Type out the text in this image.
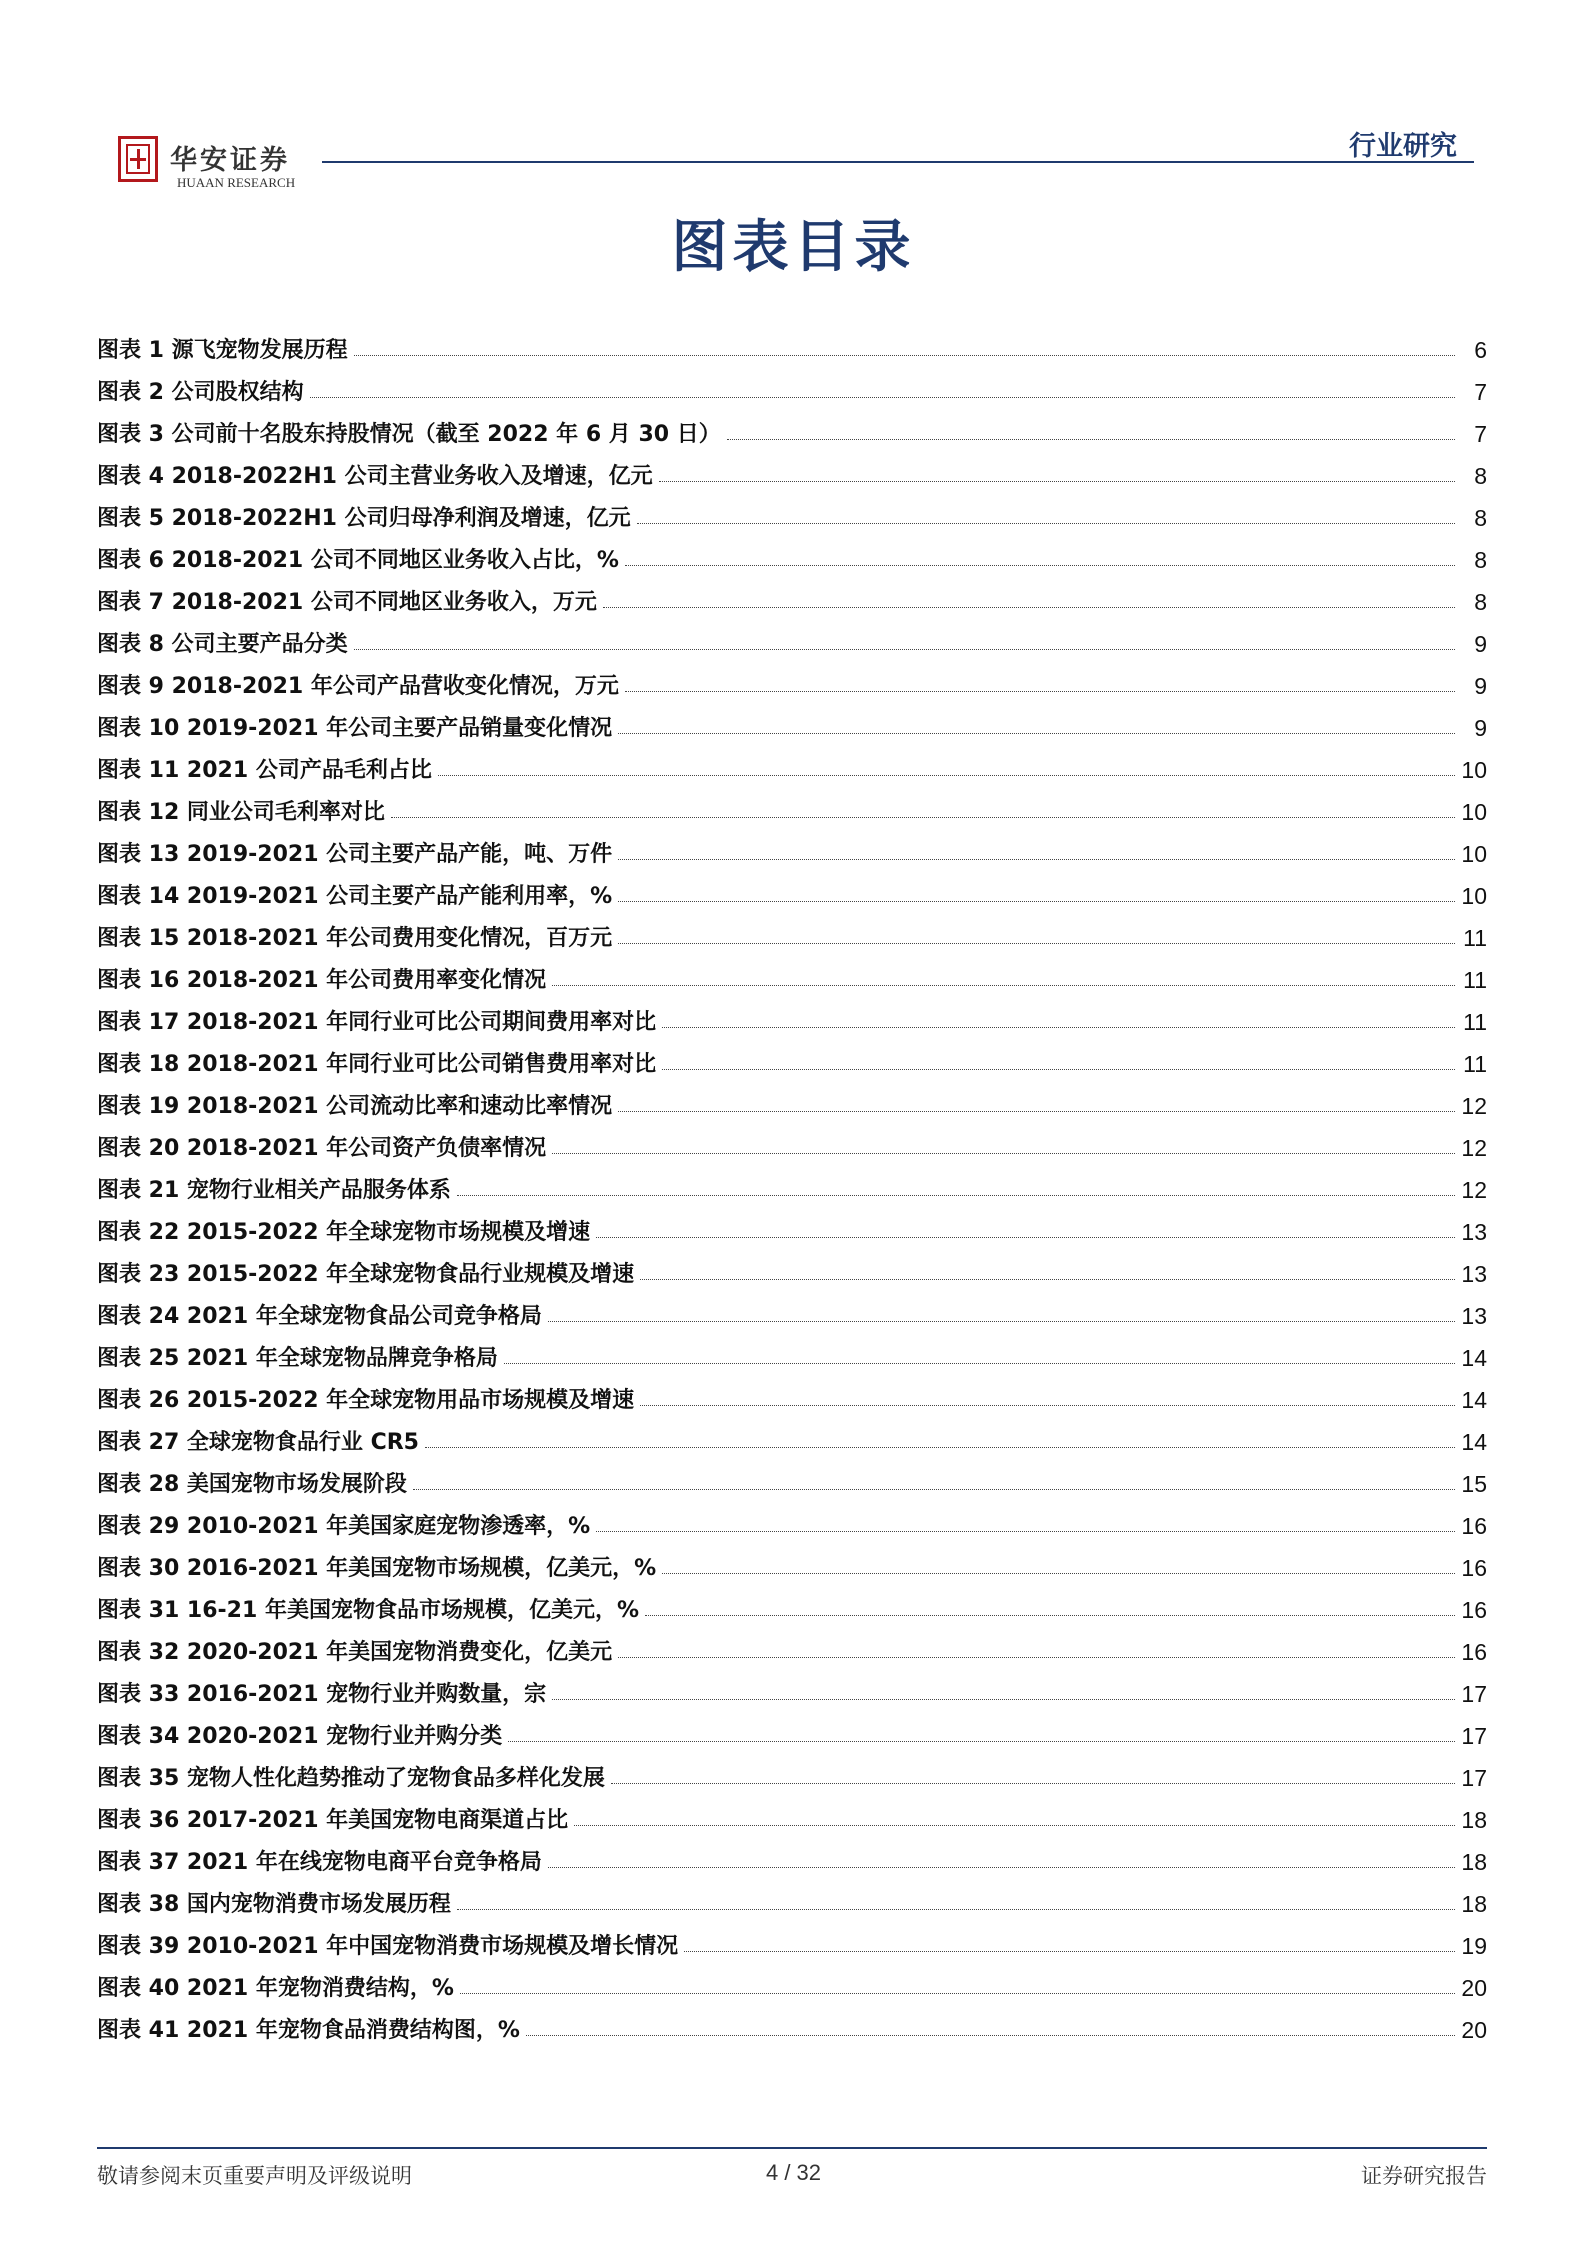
华安证券
HUAAN RESEARCH
行业研究
图表目录
图表 1 源飞宠物发展历程	6
图表 2 公司股权结构	7
图表 3 公司前十名股东持股情况（截至 2022 年 6 月 30 日）	7
图表 4 2018-2022H1 公司主营业务收入及增速，亿元	8
图表 5 2018-2022H1 公司归母净利润及增速，亿元	8
图表 6 2018-2021 公司不同地区业务收入占比，%	8
图表 7 2018-2021 公司不同地区业务收入，万元	8
图表 8 公司主要产品分类	9
图表 9 2018-2021 年公司产品营收变化情况，万元	9
图表 10 2019-2021 年公司主要产品销量变化情况	9
图表 11 2021 公司产品毛利占比	10
图表 12 同业公司毛利率对比	10
图表 13 2019-2021 公司主要产品产能，吨、万件	10
图表 14 2019-2021 公司主要产品产能利用率，%	10
图表 15 2018-2021 年公司费用变化情况，百万元	11
图表 16 2018-2021 年公司费用率变化情况	11
图表 17 2018-2021 年同行业可比公司期间费用率对比	11
图表 18 2018-2021 年同行业可比公司销售费用率对比	11
图表 19 2018-2021 公司流动比率和速动比率情况	12
图表 20 2018-2021 年公司资产负债率情况	12
图表 21 宠物行业相关产品服务体系	12
图表 22 2015-2022 年全球宠物市场规模及增速	13
图表 23 2015-2022 年全球宠物食品行业规模及增速	13
图表 24 2021 年全球宠物食品公司竞争格局	13
图表 25 2021 年全球宠物品牌竞争格局	14
图表 26 2015-2022 年全球宠物用品市场规模及增速	14
图表 27 全球宠物食品行业 CR5	14
图表 28 美国宠物市场发展阶段	15
图表 29 2010-2021 年美国家庭宠物渗透率，%	16
图表 30 2016-2021 年美国宠物市场规模，亿美元，%	16
图表 31 16-21 年美国宠物食品市场规模，亿美元，%	16
图表 32 2020-2021 年美国宠物消费变化，亿美元	16
图表 33 2016-2021 宠物行业并购数量，宗	17
图表 34 2020-2021 宠物行业并购分类	17
图表 35 宠物人性化趋势推动了宠物食品多样化发展	17
图表 36 2017-2021 年美国宠物电商渠道占比	18
图表 37 2021 年在线宠物电商平台竞争格局	18
图表 38 国内宠物消费市场发展历程	18
图表 39 2010-2021 年中国宠物消费市场规模及增长情况	19
图表 40 2021 年宠物消费结构，%	20
图表 41 2021 年宠物食品消费结构图，%	20
敬请参阅末页重要声明及评级说明	4 / 32	证券研究报告
